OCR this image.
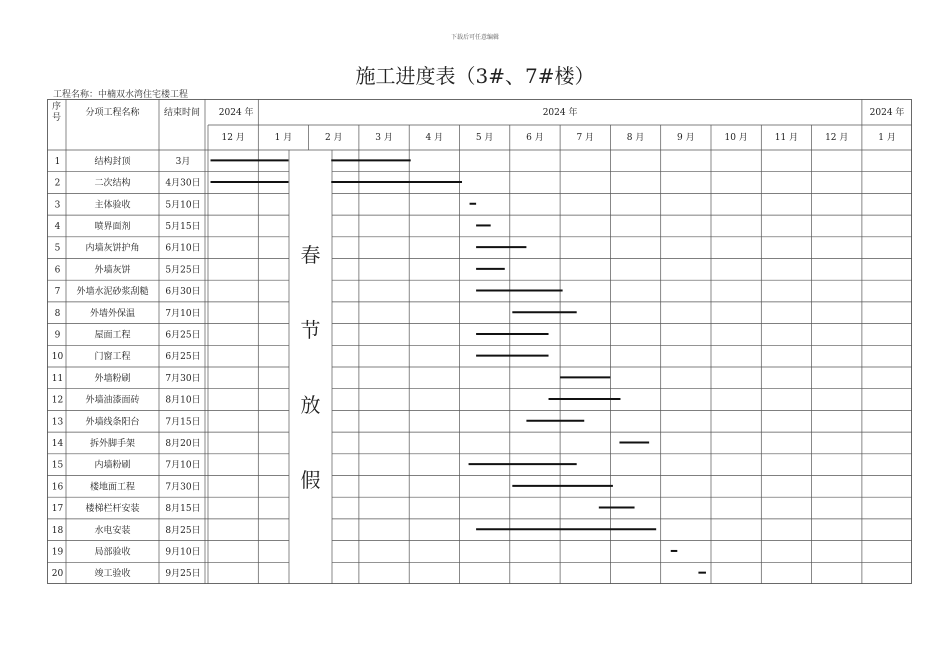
下载后可任意编辑
施工进度表（3#、7#楼）
工程名称：中楠双水湾住宅楼工程
序
号	分项工程名称	结束时间 2024 年	2024 年	2024 年
12 月	1 月	2 月	3 月	4 月	5 月	6 月	7 月	8 月	9 月	10 月	11 月	12 月	1 月
1	结构封顶	3月
2	二次结构	4月30日
3	主体验收	5月10日
4	喷界面剂	5月15日
5	内墙灰饼护角	6月10日
6	外墙灰饼	5月25日
7 外墙水泥砂浆刮糙 6月30日
8	外墙外保温	7月10日
9	屋面工程	6月25日
10	门窗工程	6月25日
11	外墙粉刷	7月30日
12 外墙油漆面砖	8月10日
13 外墙线条阳台	7月15日
14	拆外脚手架	8月20日
15	内墙粉刷	7月10日
16	楼地面工程	7月30日
17 楼梯栏杆安装	8月15日
18	水电安装	8月25日
19	局部验收	9月10日
20	竣工验收	9月25日
春
节
放
假
